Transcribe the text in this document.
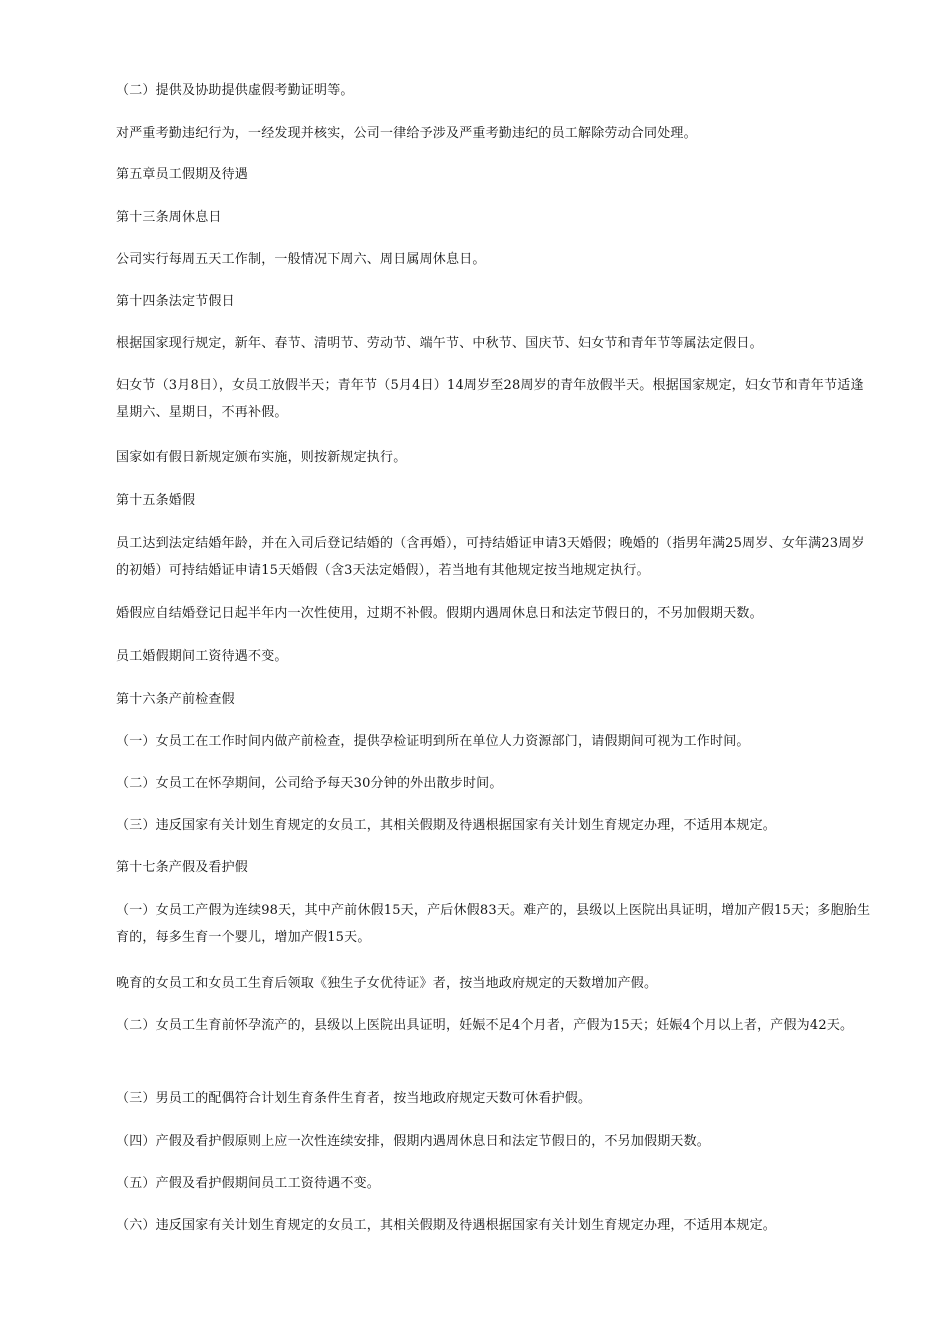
（二）提供及协助提供虚假考勤证明等。

对严重考勤违纪行为，一经发现并核实，公司一律给予涉及严重考勤违纪的员工解除劳动合同处理。

第五章员工假期及待遇

第十三条周休息日

公司实行每周五天工作制，一般情况下周六、周日属周休息日。

第十四条法定节假日

根据国家现行规定，新年、春节、清明节、劳动节、端午节、中秋节、国庆节、妇女节和青年节等属法定假日。

妇女节（3月8日），女员工放假半天；青年节（5月4日）14周岁至28周岁的青年放假半天。根据国家规定，妇女节和青年节适逢星期六、星期日，不再补假。

国家如有假日新规定颁布实施，则按新规定执行。

第十五条婚假

员工达到法定结婚年龄，并在入司后登记结婚的（含再婚），可持结婚证申请3天婚假；晚婚的（指男年满25周岁、女年满23周岁的初婚）可持结婚证申请15天婚假（含3天法定婚假），若当地有其他规定按当地规定执行。

婚假应自结婚登记日起半年内一次性使用，过期不补假。假期内遇周休息日和法定节假日的，不另加假期天数。

员工婚假期间工资待遇不变。

第十六条产前检查假

（一）女员工在工作时间内做产前检查，提供孕检证明到所在单位人力资源部门，请假期间可视为工作时间。

（二）女员工在怀孕期间，公司给予每天30分钟的外出散步时间。

（三）违反国家有关计划生育规定的女员工，其相关假期及待遇根据国家有关计划生育规定办理，不适用本规定。

第十七条产假及看护假

（一）女员工产假为连续98天，其中产前休假15天，产后休假83天。难产的，县级以上医院出具证明，增加产假15天；多胞胎生育的，每多生育一个婴儿，增加产假15天。

晚育的女员工和女员工生育后领取《独生子女优待证》者，按当地政府规定的天数增加产假。

（二）女员工生育前怀孕流产的，县级以上医院出具证明，妊娠不足4个月者，产假为15天；妊娠4个月以上者，产假为42天。

（三）男员工的配偶符合计划生育条件生育者，按当地政府规定天数可休看护假。

（四）产假及看护假原则上应一次性连续安排，假期内遇周休息日和法定节假日的，不另加假期天数。

（五）产假及看护假期间员工工资待遇不变。

（六）违反国家有关计划生育规定的女员工，其相关假期及待遇根据国家有关计划生育规定办理，不适用本规定。
